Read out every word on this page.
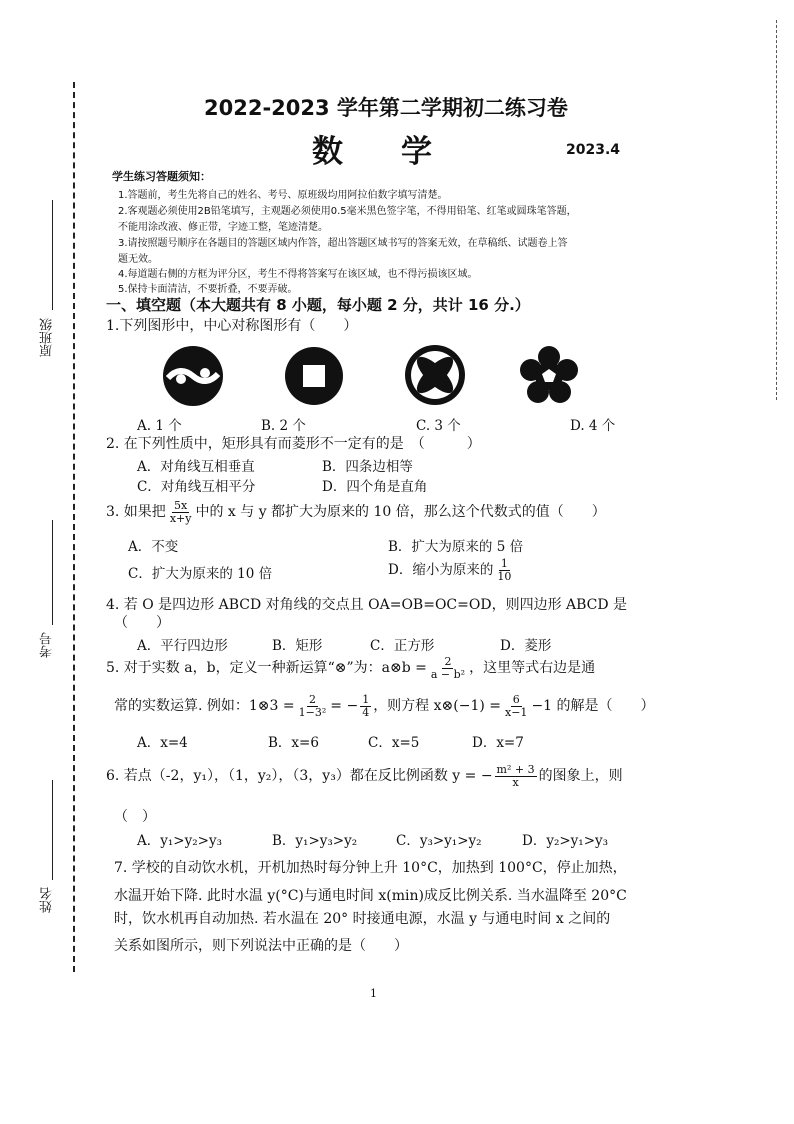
原班级
考号
姓名
2022-2023 学年第二学期初二练习卷
数学	2023.4
学生练习答题须知：
1.答题前，考生先将自己的姓名、考号、原班级均用阿拉伯数字填写清楚。
2.客观题必须使用2B铅笔填写，主观题必须使用0.5毫米黑色签字笔，不得用铅笔、红笔或圆珠笔答题，
不能用涂改液、修正带，字迹工整，笔迹清楚。
3.请按照题号顺序在各题目的答题区域内作答，超出答题区域书写的答案无效，在草稿纸、试题卷上答
题无效。
4.每道题右侧的方框为评分区，考生不得将答案写在该区域，也不得污损该区域。
5.保持卡面清洁，不要折叠，不要弄破。
一、填空题（本大题共有 8 小题，每小题 2 分，共计 16 分.）
1.下列图形中，中心对称图形有（　　）
A. 1 个	B. 2 个	C. 3 个	D. 4 个
2. 在下列性质中，矩形具有而菱形不一定有的是　（　　　）
A．对角线互相垂直	B．四条边相等
C．对角线互相平分	D．四个角是直角
3. 如果把 $\frac{5x}{x+y}$ 中的 x 与 y 都扩大为原来的 10 倍，那么这个代数式的值（　　）
A．不变	B．扩大为原来的 5 倍
C．扩大为原来的 10 倍	D．缩小为原来的 $\frac{1}{10}$
4. 若 O 是四边形 ABCD 对角线的交点且 OA=OB=OC=OD，则四边形 ABCD 是
（　　）
A．平行四边形	B．矩形	C．正方形	D．菱形
5. 对于实数 a，b，定义一种新运算“⊗”为：a⊗b = $\frac{2}{\text{a − b²}}$ ，这里等式右边是通
常的实数运算. 例如：1⊗3 = $\frac{2}{\text{1−3²}}$ = − $\frac{1}{4}$ ，则方程 x⊗(−1) = $\frac{6}{x-1} -1$ 的解是（　　）
A．x=4	B．x=6	C．x=5	D．x=7
6. 若点（-2，y₁），（1，y₂），（3，y₃）都在反比例函数 y = − $\frac{\text{m² + 3}}{x}$ 的图象上，则
（　）
A．y₁>y₂>y₃	B．y₁>y₃>y₂	C．y₃>y₁>y₂	D．y₂>y₁>y₃
7. 学校的自动饮水机，开机加热时每分钟上升 10°C，加热到 100°C，停止加热，
水温开始下降. 此时水温 y(°C)与通电时间 x(min)成反比例关系. 当水温降至 20°C
时，饮水机再自动加热. 若水温在 20° 时接通电源，水温 y 与通电时间 x 之间的
关系如图所示，则下列说法中正确的是（　　）
1
